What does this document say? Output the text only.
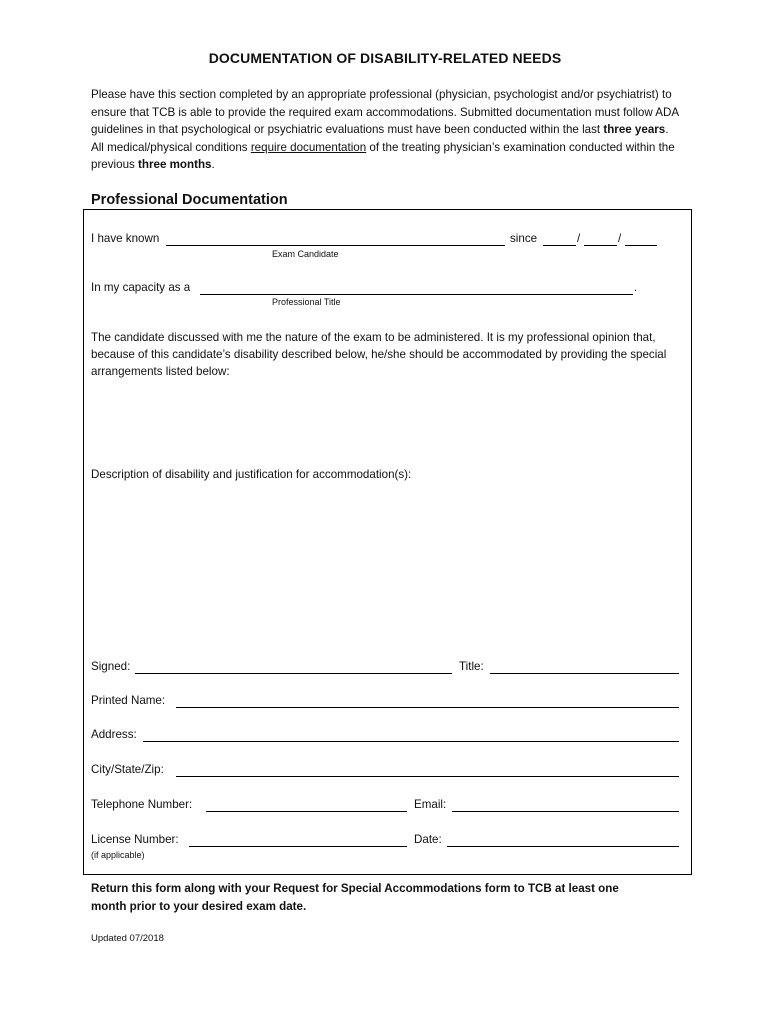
DOCUMENTATION OF DISABILITY-RELATED NEEDS
Please have this section completed by an appropriate professional (physician, psychologist and/or psychiatrist) to ensure that TCB is able to provide the required exam accommodations. Submitted documentation must follow ADA guidelines in that psychological or psychiatric evaluations must have been conducted within the last three years. All medical/physical conditions require documentation of the treating physician’s examination conducted within the previous three months.
Professional Documentation
I have known	since	/	/
Exam Candidate
In my capacity as a	.
Professional Title
The candidate discussed with me the nature of the exam to be administered. It is my professional opinion that, because of this candidate’s disability described below, he/she should be accommodated by providing the special arrangements listed below:
Description of disability and justification for accommodation(s):
Signed:	Title:
Printed Name:
Address:
City/State/Zip:
Telephone Number:	Email:
License Number:	Date:
(if applicable)
Return this form along with your Request for Special Accommodations form to TCB at least one month prior to your desired exam date.
Updated 07/2018
